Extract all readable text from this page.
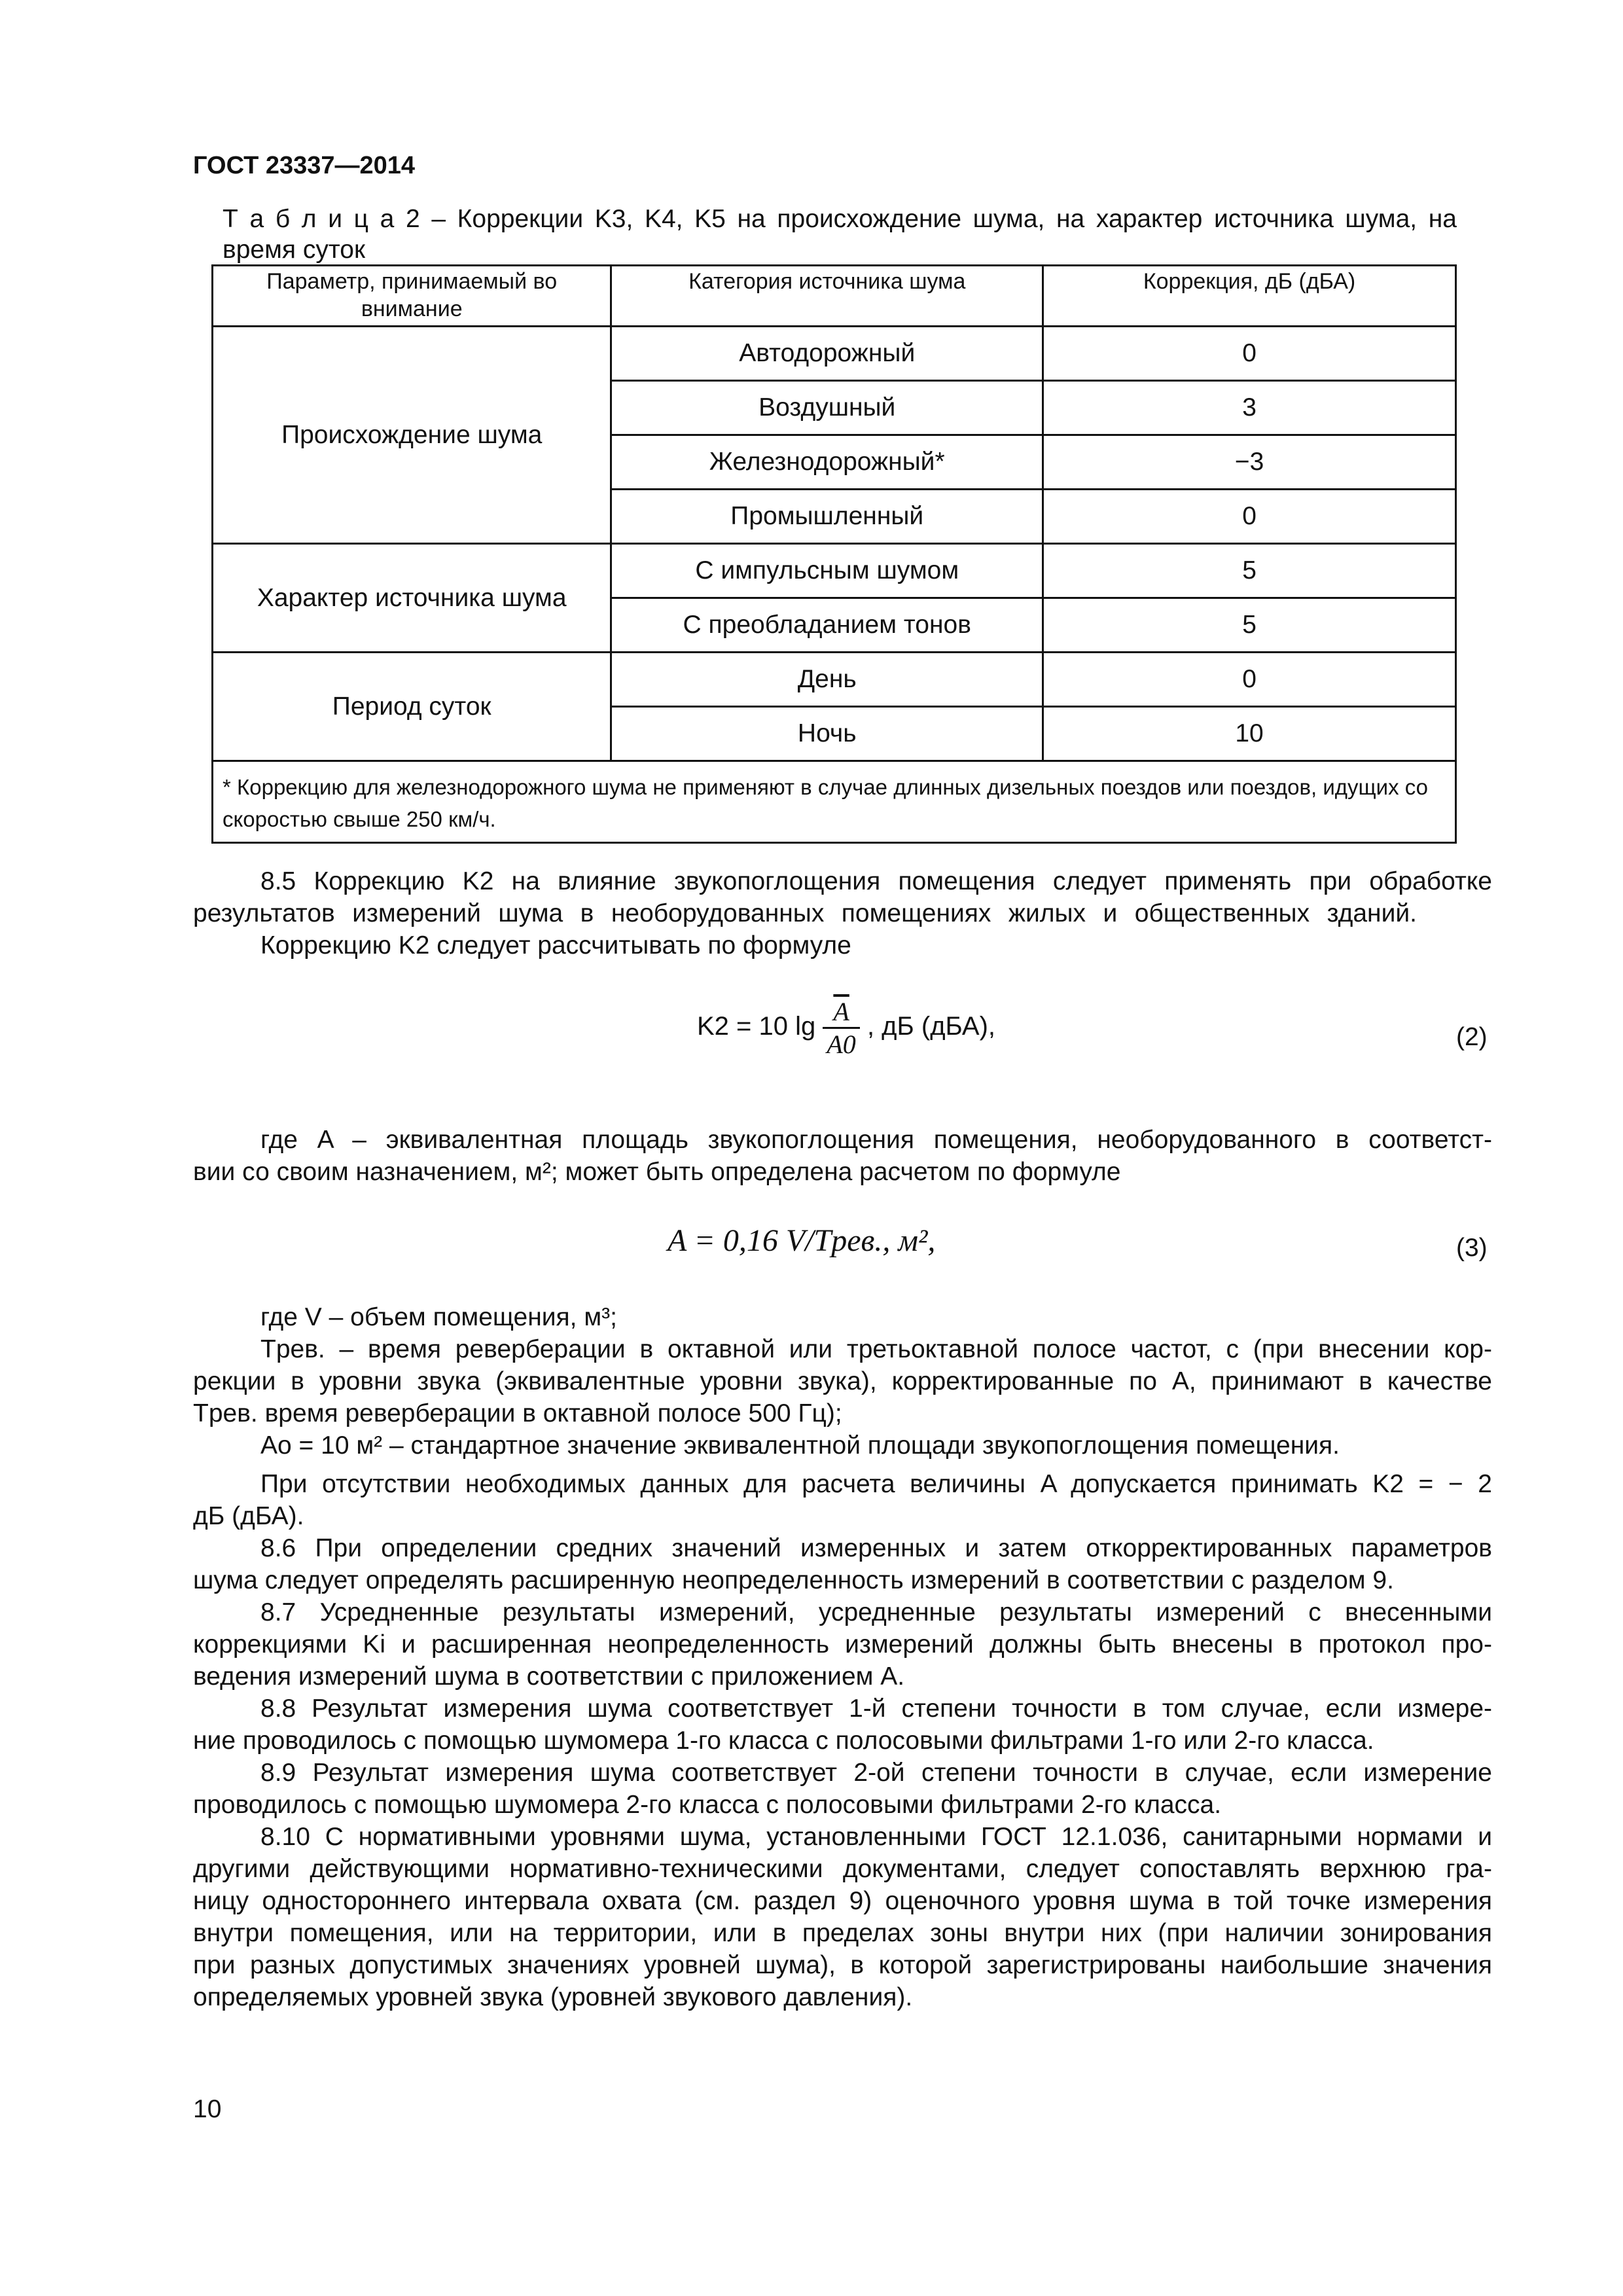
ГОСТ 23337—2014
Т а б л и ц а 2 – Коррекции K3, K4, K5 на происхождение шума, на характер источника шума, на
время суток
Параметр, принимаемый во внимание	Категория источника шума	Коррекция, дБ (дБА)
Происхождение шума	Автодорожный	0
	Воздушный	3
	Железнодорожный*	−3
	Промышленный	0
Характер источника шума	С импульсным шумом	5
	С преобладанием тонов	5
Период суток	День	0
	Ночь	10
* Коррекцию для железнодорожного шума не применяют в случае длинных дизельных поездов или поездов, идущих со скоростью свыше 250 км/ч.		
8.5 Коррекцию K2 на влияние звукопоглощения помещения следует применять при обработке
результатов измерений шума в необорудованных помещениях жилых и общественных зданий.
Коррекцию K2 следует рассчитывать по формуле
K2 = 10 $\lg \frac{\overline{A}}{A0}$ , дБ (дБА),	(2)
где A – эквивалентная площадь звукопоглощения помещения, необорудованного в соответст-
вии со своим назначением, м²; может быть определена расчетом по формуле
A = 0,16 V/Tрев., м²,	(3)
где V – объем помещения, м³;
Tрев. – время реверберации в октавной или третьоктавной полосе частот, с (при внесении кор-
рекции в уровни звука (эквивалентные уровни звука), корректированные по А, принимают в качестве
Tрев. время реверберации в октавной полосе 500 Гц);
Ао = 10 м² – стандартное значение эквивалентной площади звукопоглощения помещения.
При отсутствии необходимых данных для расчета величины A допускается принимать K2 = − 2
дБ (дБА).
8.6 При определении средних значений измеренных и затем откорректированных параметров
шума следует определять расширенную неопределенность измерений в соответствии с разделом 9.
8.7 Усредненные результаты измерений, усредненные результаты измерений с внесенными
коррекциями Ki и расширенная неопределенность измерений должны быть внесены в протокол про-
ведения измерений шума в соответствии с приложением А.
8.8 Результат измерения шума соответствует 1-й степени точности в том случае, если измере-
ние проводилось с помощью шумомера 1-го класса с полосовыми фильтрами 1-го или 2-го класса.
8.9 Результат измерения шума соответствует 2-ой степени точности в случае, если измерение
проводилось с помощью шумомера 2-го класса с полосовыми фильтрами 2-го класса.
8.10 С нормативными уровнями шума, установленными ГОСТ 12.1.036, санитарными нормами и
другими действующими нормативно-техническими документами, следует сопоставлять верхнюю гра-
ницу одностороннего интервала охвата (см. раздел 9) оценочного уровня шума в той точке измерения
внутри помещения, или на территории, или в пределах зоны внутри них (при наличии зонирования
при разных допустимых значениях уровней шума), в которой зарегистрированы наибольшие значения
определяемых уровней звука (уровней звукового давления).
10
